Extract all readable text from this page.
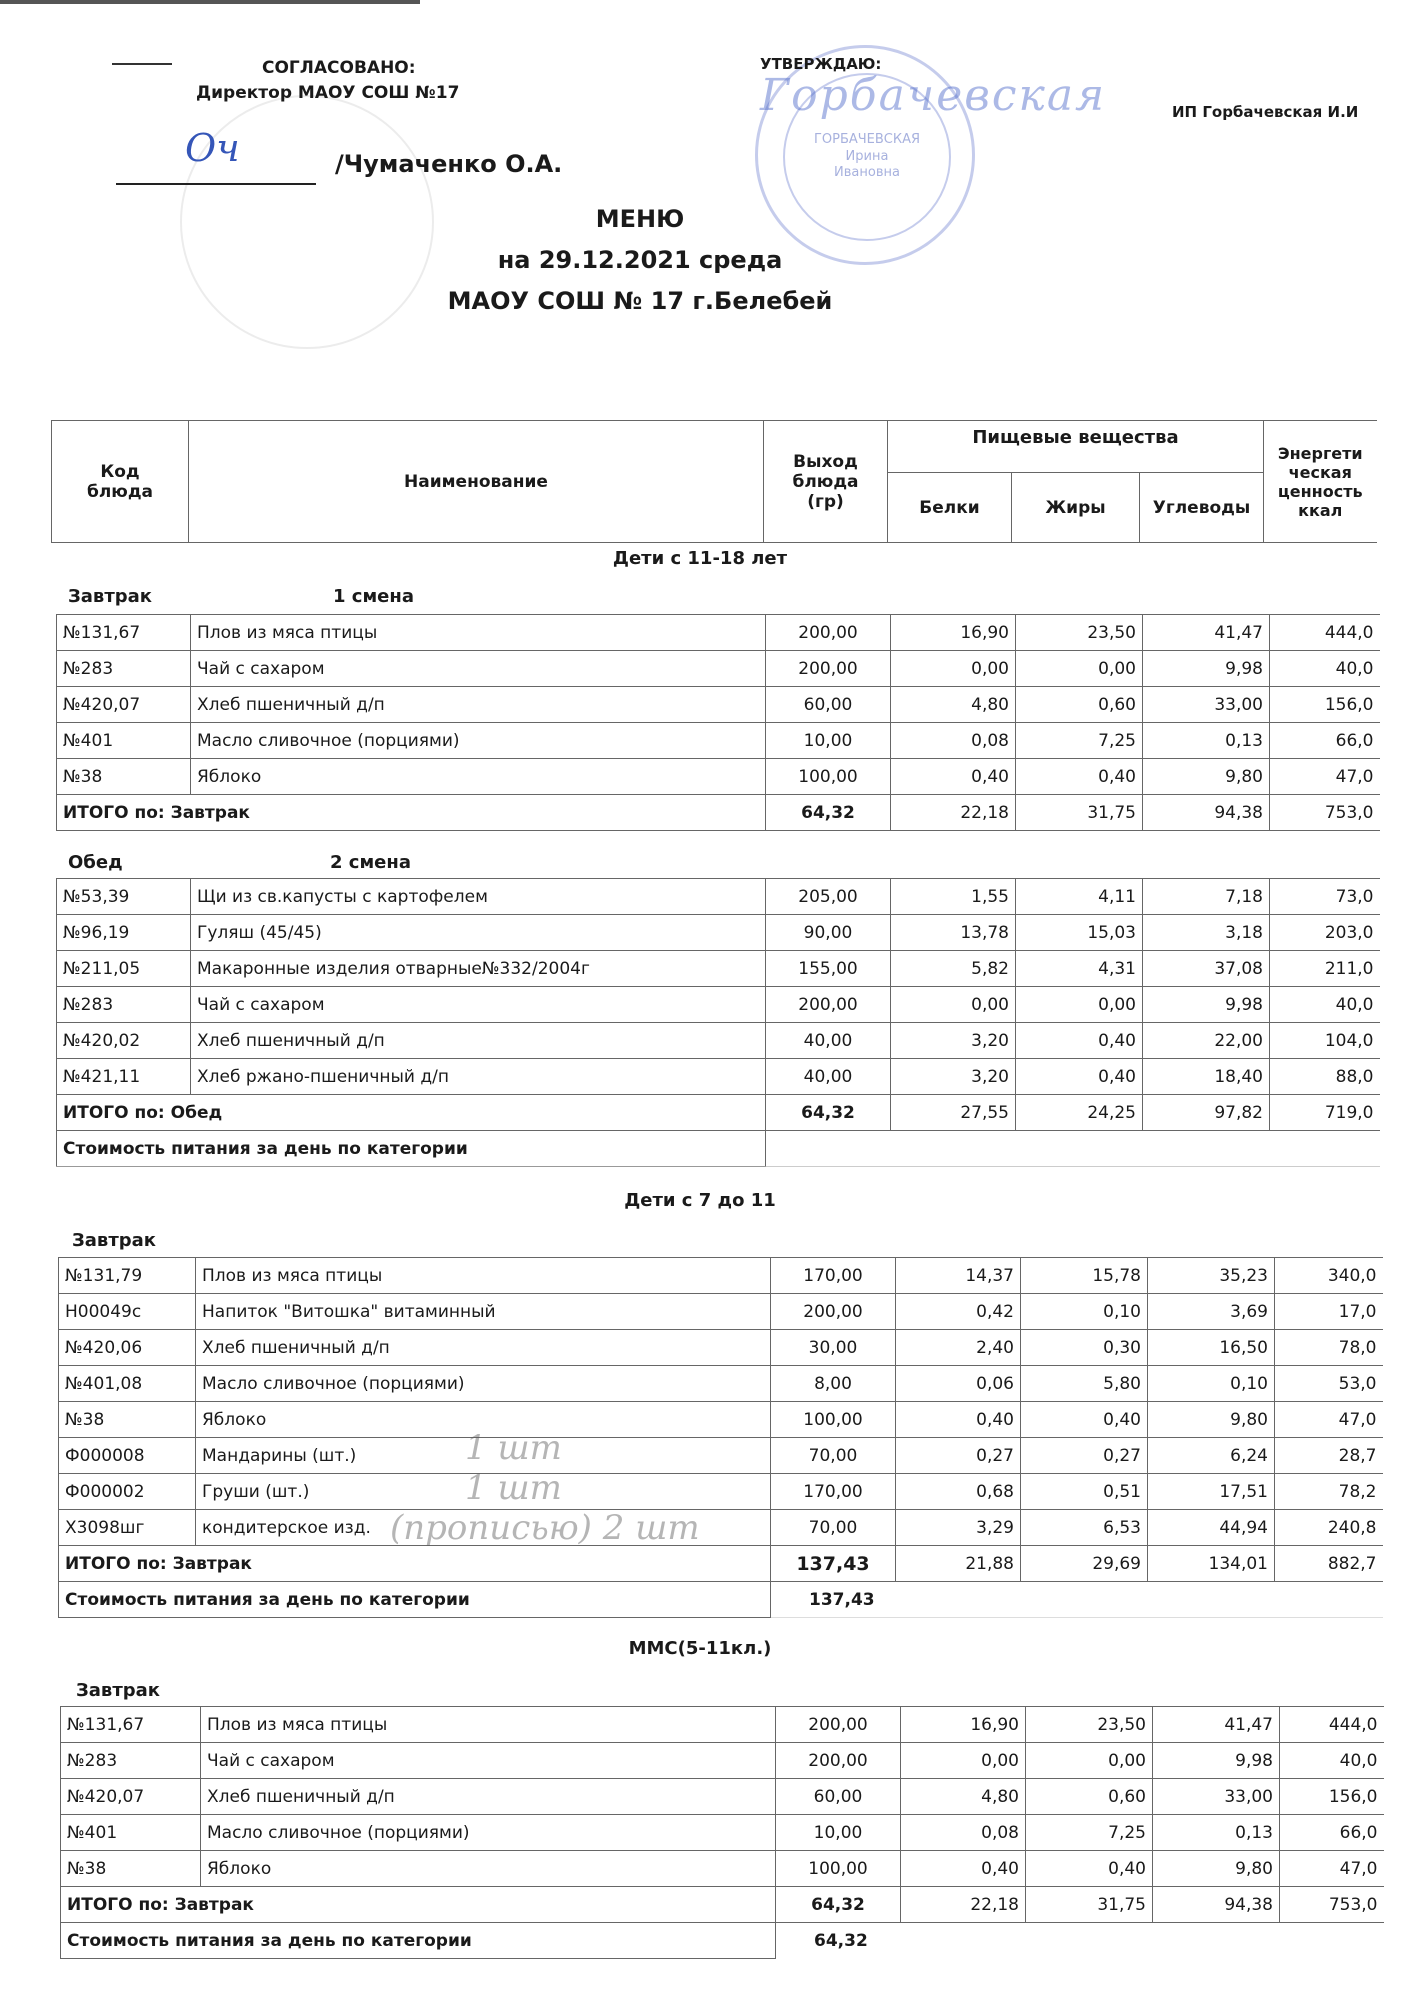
СОГЛАСОВАНО:
Директор МАОУ СОШ №17
Оч	/Чумаченко О.А.
ГОРБАЧЕВСКАЯ
Ирина
Ивановна
УТВЕРЖДАЮ:
Горбачевская	ИП Горбачевская И.И
МЕНЮ
на 29.12.2021 среда
МАОУ СОШ № 17 г.Белебей
Код
блюда	Наименование	Выход
блюда
(гр)	Пищевые вещества			Энергети
ческая
ценность
ккал
			Белки	Жиры	Углеводы	
Дети с 11-18 лет
Завтрак	1 смена
№131,67	Плов из мяса птицы	200,00	16,90	23,50	41,47	444,0
№283	Чай с сахаром	200,00	0,00	0,00	9,98	40,0
№420,07	Хлеб пшеничный д/п	60,00	4,80	0,60	33,00	156,0
№401	Масло сливочное (порциями)	10,00	0,08	7,25	0,13	66,0
№38	Яблоко	100,00	0,40	0,40	9,80	47,0
ИТОГО по: Завтрак		64,32	22,18	31,75	94,38	753,0
Обед	2 смена
№53,39	Щи из св.капусты с картофелем	205,00	1,55	4,11	7,18	73,0
№96,19	Гуляш (45/45)	90,00	13,78	15,03	3,18	203,0
№211,05	Макаронные изделия отварные№332/2004г	155,00	5,82	4,31	37,08	211,0
№283	Чай с сахаром	200,00	0,00	0,00	9,98	40,0
№420,02	Хлеб пшеничный д/п	40,00	3,20	0,40	22,00	104,0
№421,11	Хлеб ржано-пшеничный д/п	40,00	3,20	0,40	18,40	88,0
ИТОГО по: Обед		64,32	27,55	24,25	97,82	719,0
Стоимость питания за день по категории						
Дети с 7 до 11
Завтрак
№131,79	Плов из мяса птицы	170,00	14,37	15,78	35,23	340,0
Н00049с	Напиток "Витошка" витаминный	200,00	0,42	0,10	3,69	17,0
№420,06	Хлеб пшеничный д/п	30,00	2,40	0,30	16,50	78,0
№401,08	Масло сливочное (порциями)	8,00	0,06	5,80	0,10	53,0
№38	Яблоко	100,00	0,40	0,40	9,80	47,0
Ф000008	Мандарины (шт.)	70,00	0,27	0,27	6,24	28,7
Ф000002	Груши (шт.)	170,00	0,68	0,51	17,51	78,2
Х3098шг	кондитерское изд.	70,00	3,29	6,53	44,94	240,8
ИТОГО по: Завтрак		137,43	21,88	29,69	134,01	882,7
Стоимость питания за день по категории		137,43				
1 шт
1 шт
(прописью) 2 шт
ММС(5-11кл.)
Завтрак
№131,67	Плов из мяса птицы	200,00	16,90	23,50	41,47	444,0
№283	Чай с сахаром	200,00	0,00	0,00	9,98	40,0
№420,07	Хлеб пшеничный д/п	60,00	4,80	0,60	33,00	156,0
№401	Масло сливочное (порциями)	10,00	0,08	7,25	0,13	66,0
№38	Яблоко	100,00	0,40	0,40	9,80	47,0
ИТОГО по: Завтрак		64,32	22,18	31,75	94,38	753,0
Стоимость питания за день по категории		64,32				
